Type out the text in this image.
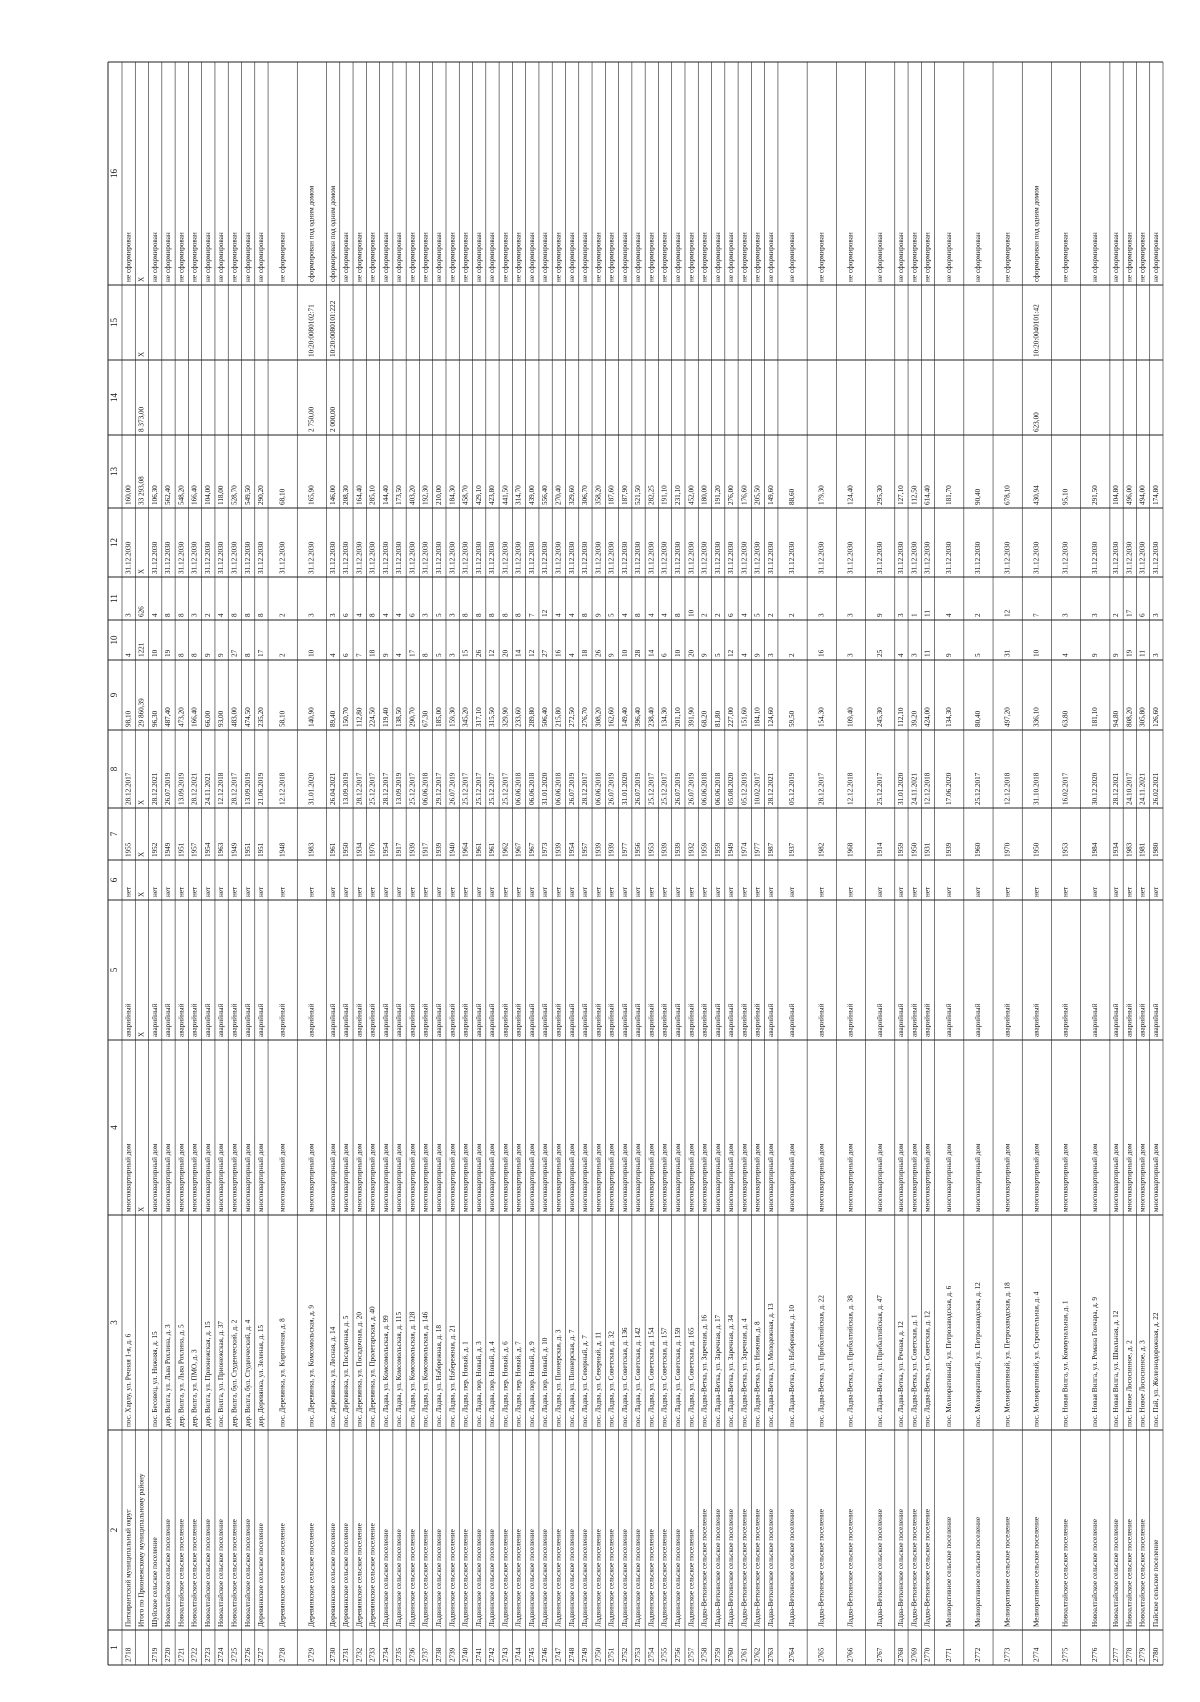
1
2
3
4
5
6
7
8
9
10
11
12
13
14
15
16
2718
Питкярантский муниципальный округ
пос. Харлу, ул. Речная 1-я, д. 6
многоквартирный дом
аварийный
нет
1955
28.12.2017
98,10
4
3
31.12.2030
160,00
не сформирован
Итого по Прионежскому муниципальному району
X
X
X
X
X
29 860,39
1221
626
X
33 293,08
8 373,00
X
X
2719
Шуйское сельское поселение
пос. Бесовец, ул. Нижняя, д. 15
многоквартирный дом
аварийный
нет
1952
28.12.2021
96,30
10
4
31.12.2030
106,30
не сформирован
2720
Новоалтайское сельское поселение
дер. Вилга, ул. Льва Рохлина, д. 3
многоквартирный дом
аварийный
нет
1949
26.07.2019
487,40
19
8
31.12.2030
562,40
не сформирован
2721
Новоалтайское сельское поселение
дер. Вилга, ул. Льва Рохлина, д. 5
многоквартирный дом
аварийный
нет
1951
13.09.2019
473,20
8
8
31.12.2030
548,20
не сформирован
2722
Новоалтайское сельское поселение
дер. Вилга, ул. ПМО, д. 3
многоквартирный дом
аварийный
нет
1957
28.12.2021
166,40
8
3
31.12.2030
166,40
не сформирован
2723
Новоалтайское сельское поселение
дер. Вилга, ул. Прионежская, д. 15
многоквартирный дом
аварийный
нет
1954
24.11.2021
66,00
9
2
31.12.2030
104,00
не сформирован
2724
Новоалтайское сельское поселение
пос. Вилга, ул. Прионежская, д. 37
многоквартирный дом
аварийный
нет
1963
12.12.2018
93,00
9
4
31.12.2030
118,00
не сформирован
2725
Новоалтайское сельское поселение
дер. Вилга, бул. Студенческий, д. 2
многоквартирный дом
аварийный
нет
1949
28.12.2017
483,00
27
8
31.12.2030
528,70
не сформирован
2726
Новоалтайское сельское поселение
дер. Вилга, бул. Студенческий, д. 4
многоквартирный дом
аварийный
нет
1951
13.09.2019
474,50
8
8
31.12.2030
549,50
не сформирован
2727
Деревянкское сельское поселение
дер. Деревянка, ул. Зеленая, д. 15
многоквартирный дом
аварийный
нет
1951
21.06.2019
235,20
17
8
31.12.2030
290,20
не сформирован
2728
Деревянкское сельское поселение
пос. Деревянка, ул. Кирпичная, д. 8
многоквартирный дом
аварийный
нет
1948
12.12.2018
58,10
2
2
31.12.2030
68,10
не сформирован
2729
Деревянкское сельское поселение
пос. Деревянка, ул. Комсомольская, д. 9
многоквартирный дом
аварийный
нет
1983
31.01.2020
140,90
10
3
31.12.2030
165,90
2 750,00
10:20:0080102:71
сформирован под одним домом
2730
Деревянкское сельское поселение
пос. Деревянка, ул. Лесная, д. 14
многоквартирный дом
аварийный
нет
1961
26.04.2021
89,40
4
3
31.12.2030
146,00
2 000,00
10:20:0080101:222
сформирован под одним домом
2731
Деревянкское сельское поселение
пос. Деревянка, ул. Посадочная, д. 5
многоквартирный дом
аварийный
нет
1950
13.09.2019
150,70
6
6
31.12.2030
208,30
не сформирован
2732
Деревянкское сельское поселение
пос. Деревянка, ул. Посадочная, д. 20
многоквартирный дом
аварийный
нет
1934
28.12.2017
112,80
7
4
31.12.2030
164,40
не сформирован
2733
Деревянкское сельское поселение
пос. Деревянка, ул. Пролетарская, д. 40
многоквартирный дом
аварийный
нет
1976
25.12.2017
224,50
18
8
31.12.2030
285,10
не сформирован
2734
Ладвинское сельское поселение
пос. Ладва, ул. Комсомольская, д. 99
многоквартирный дом
аварийный
нет
1954
28.12.2017
119,40
9
4
31.12.2030
144,40
не сформирован
2735
Ладвинское сельское поселение
пос. Ладва, ул. Комсомольская, д. 115
многоквартирный дом
аварийный
нет
1917
13.09.2019
138,50
4
4
31.12.2030
173,50
не сформирован
2736
Ладвинское сельское поселение
пос. Ладва, ул. Комсомольская, д. 128
многоквартирный дом
аварийный
нет
1939
25.12.2017
290,70
17
6
31.12.2030
403,20
не сформирован
2737
Ладвинское сельское поселение
пос. Ладва, ул. Комсомольская, д. 146
многоквартирный дом
аварийный
нет
1917
06.06.2018
67,30
8
3
31.12.2030
192,30
не сформирован
2738
Ладвинское сельское поселение
пос. Ладва, ул. Набережная, д. 18
многоквартирный дом
аварийный
нет
1939
29.12.2017
185,00
5
5
31.12.2030
210,00
не сформирован
2739
Ладвинское сельское поселение
пос. Ладва, ул. Набережная, д. 21
многоквартирный дом
аварийный
нет
1940
26.07.2019
159,30
3
3
31.12.2030
184,30
не сформирован
2740
Ладвинское сельское поселение
пос. Ладва, пер. Новый, д. 1
многоквартирный дом
аварийный
нет
1964
25.12.2017
345,20
15
8
31.12.2030
458,70
не сформирован
2741
Ладвинское сельское поселение
пос. Ладва, пер. Новый, д. 3
многоквартирный дом
аварийный
нет
1961
25.12.2017
317,10
26
8
31.12.2030
429,10
не сформирован
2742
Ладвинское сельское поселение
пос. Ладва, пер. Новый, д. 4
многоквартирный дом
аварийный
нет
1961
25.12.2017
315,50
12
8
31.12.2030
423,80
не сформирован
2743
Ладвинское сельское поселение
пос. Ладва, пер. Новый, д. 6
многоквартирный дом
аварийный
нет
1962
25.12.2017
329,90
20
8
31.12.2030
441,50
не сформирован
2744
Ладвинское сельское поселение
пос. Ладва, пер. Новый, д. 7
многоквартирный дом
аварийный
нет
1967
06.06.2018
233,60
14
8
31.12.2030
314,70
не сформирован
2745
Ладвинское сельское поселение
пос. Ладва, пер. Новый, д. 9
многоквартирный дом
аварийный
нет
1967
06.06.2018
289,80
12
7
31.12.2030
439,00
не сформирован
2746
Ладвинское сельское поселение
пос. Ладва, пер. Новый, д. 10
многоквартирный дом
аварийный
нет
1973
31.01.2020
506,40
27
12
31.12.2030
556,40
не сформирован
2747
Ладвинское сельское поселение
пос. Ладва, ул. Пионерская, д. 3
многоквартирный дом
аварийный
нет
1939
06.06.2018
215,80
16
4
31.12.2030
270,40
не сформирован
2748
Ладвинское сельское поселение
пос. Ладва, ул. Пионерская, д. 7
многоквартирный дом
аварийный
нет
1954
26.07.2019
272,50
4
4
31.12.2030
329,60
не сформирован
2749
Ладвинское сельское поселение
пос. Ладва, ул. Северный, д. 7
многоквартирный дом
аварийный
нет
1957
28.12.2017
276,70
18
8
31.12.2030
306,70
не сформирован
2750
Ладвинское сельское поселение
пос. Ладва, ул. Северный, д. 11
многоквартирный дом
аварийный
нет
1939
06.06.2018
308,20
26
9
31.12.2030
358,20
не сформирован
2751
Ладвинское сельское поселение
пос. Ладва, ул. Советская, д. 32
многоквартирный дом
аварийный
нет
1939
26.07.2019
162,60
9
5
31.12.2030
187,60
не сформирован
2752
Ладвинское сельское поселение
пос. Ладва, ул. Советская, д. 136
многоквартирный дом
аварийный
нет
1977
31.01.2020
149,40
10
4
31.12.2030
187,90
не сформирован
2753
Ладвинское сельское поселение
пос. Ладва, ул. Советская, д. 142
многоквартирный дом
аварийный
нет
1956
26.07.2019
396,40
28
8
31.12.2030
521,50
не сформирован
2754
Ладвинское сельское поселение
пос. Ладва, ул. Советская, д. 154
многоквартирный дом
аварийный
нет
1953
25.12.2017
238,40
14
4
31.12.2030
282,25
не сформирован
2755
Ладвинское сельское поселение
пос. Ладва, ул. Советская, д. 157
многоквартирный дом
аварийный
нет
1939
25.12.2017
134,30
6
4
31.12.2030
191,10
не сформирован
2756
Ладвинское сельское поселение
пос. Ладва, ул. Советская, д. 159
многоквартирный дом
аварийный
нет
1939
26.07.2019
201,10
10
8
31.12.2030
231,10
не сформирован
2757
Ладвинское сельское поселение
пос. Ладва, ул. Советская, д. 165
многоквартирный дом
аварийный
нет
1932
26.07.2019
391,90
20
10
31.12.2030
452,00
не сформирован
2758
Ладва-Веткинское сельское поселение
пос. Ладва-Ветка, ул. Заречная, д. 16
многоквартирный дом
аварийный
нет
1959
06.06.2018
68,20
9
2
31.12.2030
180,00
не сформирован
2759
Ладва-Веткинское сельское поселение
пос. Ладва-Ветка, ул. Заречная, д. 17
многоквартирный дом
аварийный
нет
1959
06.06.2018
81,80
5
2
31.12.2030
191,20
не сформирован
2760
Ладва-Веткинское сельское поселение
пос. Ладва-Ветка, ул. Заречная, д. 34
многоквартирный дом
аварийный
нет
1949
05.08.2020
227,00
12
6
31.12.2030
276,00
не сформирован
2761
Ладва-Веткинское сельское поселение
пос. Ладва-Ветка, ул. Заречная, д. 4
многоквартирный дом
аварийный
нет
1974
05.12.2019
151,60
4
4
31.12.2030
176,60
не сформирован
2762
Ладва-Веткинское сельское поселение
пос. Ладва-Ветка, ул. Нижняя, д. 8
многоквартирный дом
аварийный
нет
1977
10.02.2017
184,10
9
5
31.12.2030
205,50
не сформирован
2763
Ладва-Веткинское сельское поселение
пос. Ладва-Ветка, ул. Молодежная, д. 13
многоквартирный дом
аварийный
нет
1987
28.12.2021
124,60
3
2
31.12.2030
149,60
не сформирован
2764
Ладва-Веткинское сельское поселение
пос. Ладва-Ветка, ул. Набережная, д. 10
многоквартирный дом
аварийный
нет
1937
05.12.2019
59,50
2
2
31.12.2030
88,60
не сформирован
2765
Ладва-Веткинское сельское поселение
пос. Ладва-Ветка, ул. Прибалтийская, д. 22
многоквартирный дом
аварийный
нет
1982
28.12.2017
154,30
16
3
31.12.2030
179,30
не сформирован
2766
Ладва-Веткинское сельское поселение
пос. Ладва-Ветка, ул. Прибалтийская, д. 38
многоквартирный дом
аварийный
нет
1968
12.12.2018
109,40
3
3
31.12.2030
124,40
не сформирован
2767
Ладва-Веткинское сельское поселение
пос. Ладва-Ветка, ул. Прибалтийская, д. 47
многоквартирный дом
аварийный
нет
1914
25.12.2017
245,30
25
9
31.12.2030
295,30
не сформирован
2768
Ладва-Веткинское сельское поселение
пос. Ладва-Ветка, ул. Речная, д. 12
многоквартирный дом
аварийный
нет
1959
31.01.2020
112,10
4
3
31.12.2030
127,10
не сформирован
2769
Ладва-Веткинское сельское поселение
пос. Ладва-Ветка, ул. Советская, д. 1
многоквартирный дом
аварийный
нет
1950
24.11.2021
39,20
3
1
31.12.2030
112,50
не сформирован
2770
Ладва-Веткинское сельское поселение
пос. Ладва-Ветка, ул. Советская, д. 12
многоквартирный дом
аварийный
нет
1931
12.12.2018
424,00
11
11
31.12.2030
614,40
не сформирован
2771
Мелиоративное сельское поселение
пос. Мелиоративный, ул. Петрозаводская, д. 6
многоквартирный дом
аварийный
нет
1939
17.06.2020
134,30
9
4
31.12.2030
181,70
не сформирован
2772
Мелиоративное сельское поселение
пос. Мелиоративный, ул. Петрозаводская, д. 12
многоквартирный дом
аварийный
нет
1960
25.12.2017
80,40
5
2
31.12.2030
90,40
не сформирован
2773
Мелиоративное сельское поселение
пос. Мелиоративный, ул. Петрозаводская, д. 18
многоквартирный дом
аварийный
нет
1970
12.12.2018
497,20
31
12
31.12.2030
678,10
не сформирован
2774
Мелиоративное сельское поселение
пос. Мелиоративный, ул. Строительная, д. 4
многоквартирный дом
аварийный
нет
1950
31.10.2018
336,10
10
7
31.12.2030
430,94
623,00
10:20:0040101:42
сформирован под одним домом
2775
Новоалтайское сельское поселение
пос. Новая Вилга, ул. Коммунальная, д. 1
многоквартирный дом
аварийный
нет
1953
16.02.2017
63,80
4
3
31.12.2030
95,10
не сформирован
2776
Новоалтайское сельское поселение
пос. Новая Вилга, ул. Романа Гончара, д. 9
многоквартирный дом
аварийный
нет
1984
30.12.2020
181,10
9
3
31.12.2030
291,50
не сформирован
2777
Новоалтайское сельское поселение
пос. Новая Вилга, ул. Школьная, д. 12
многоквартирный дом
аварийный
нет
1934
28.12.2021
94,80
9
2
31.12.2030
104,80
не сформирован
2778
Новоалтайское сельское поселение
пос. Новое Лососинное, д. 2
многоквартирный дом
аварийный
нет
1983
24.10.2017
808,20
19
17
31.12.2030
496,00
не сформирован
2779
Новоалтайское сельское поселение
пос. Новое Лососинное, д. 3
многоквартирный дом
аварийный
нет
1981
24.11.2021
305,80
11
6
31.12.2030
494,00
не сформирован
2780
Пайское сельское поселение
пос. Пай, ул. Железнодорожная, д. 22
многоквартирный дом
аварийный
нет
1980
26.02.2021
126,60
3
3
31.12.2030
174,80
не сформирован
